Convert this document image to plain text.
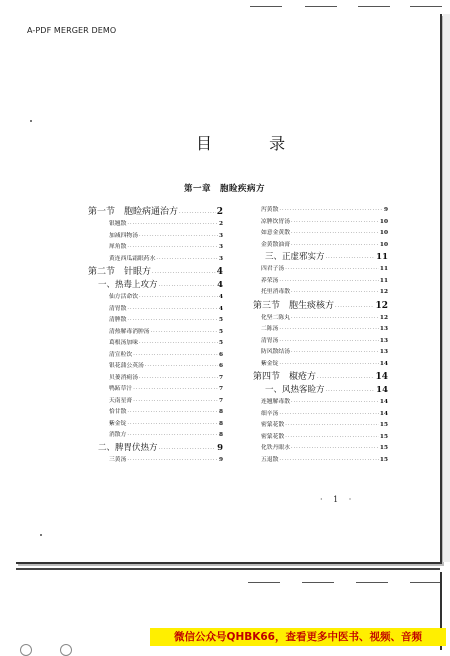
A-PDF MERGER DEMO
目 录
第一章　胞睑疾病方
第一节　胞睑病通治方 ·····	2
银翘散 ·····	2
加减四物汤 ·····	3
犀角散 ·····	3
黄连西瓜霜眼药水 ·····	3
第二节　针眼方 ·····	4
一、热毒上攻方 ·····	4
仙方活命饮 ·····	4
清胃散 ·····	4
清脾散 ·····	5
清热解毒消肿汤 ·····	5
葛根汤加味 ·····	5
清宣粒饮 ·····	6
银花蒲公英汤 ·····	6
贝蒌消痈汤 ·····	7
鸭跖草汁 ·····	7
天南星膏 ·····	7
恰甘散 ·····	8
紫金锭 ·····	8
消散方 ·····	8
二、脾胃伏热方 ·····	9
三黄汤 ·····	9
泻黄散 ·····	9
凉脾饮胃汤 ·····	10
如意金黄散 ·····	10
金黄散油膏 ·····	10
三、正虚邪实方 ·····	11
四君子汤 ·····	11
养荣汤 ·····	11
托里消毒散 ·····	12
第三节　胞生痰核方 ·····	12
化坚二陈丸 ·····	12
二陈汤 ·····	13
清胃汤 ·····	13
防风散结汤 ·····	13
紫金锭 ·····	14
第四节　椒疮方 ·····	14
一、风热客睑方 ·····	14
连翘解毒散 ·····	14
细辛汤 ·····	14
密蒙花散 ·····	15
密蒙花散 ·····	15
化铁丹眼水 ·····	15
五退散 ·····	15
· 1 ·
微信公众号QHBK66，查看更多中医书、视频、音频
